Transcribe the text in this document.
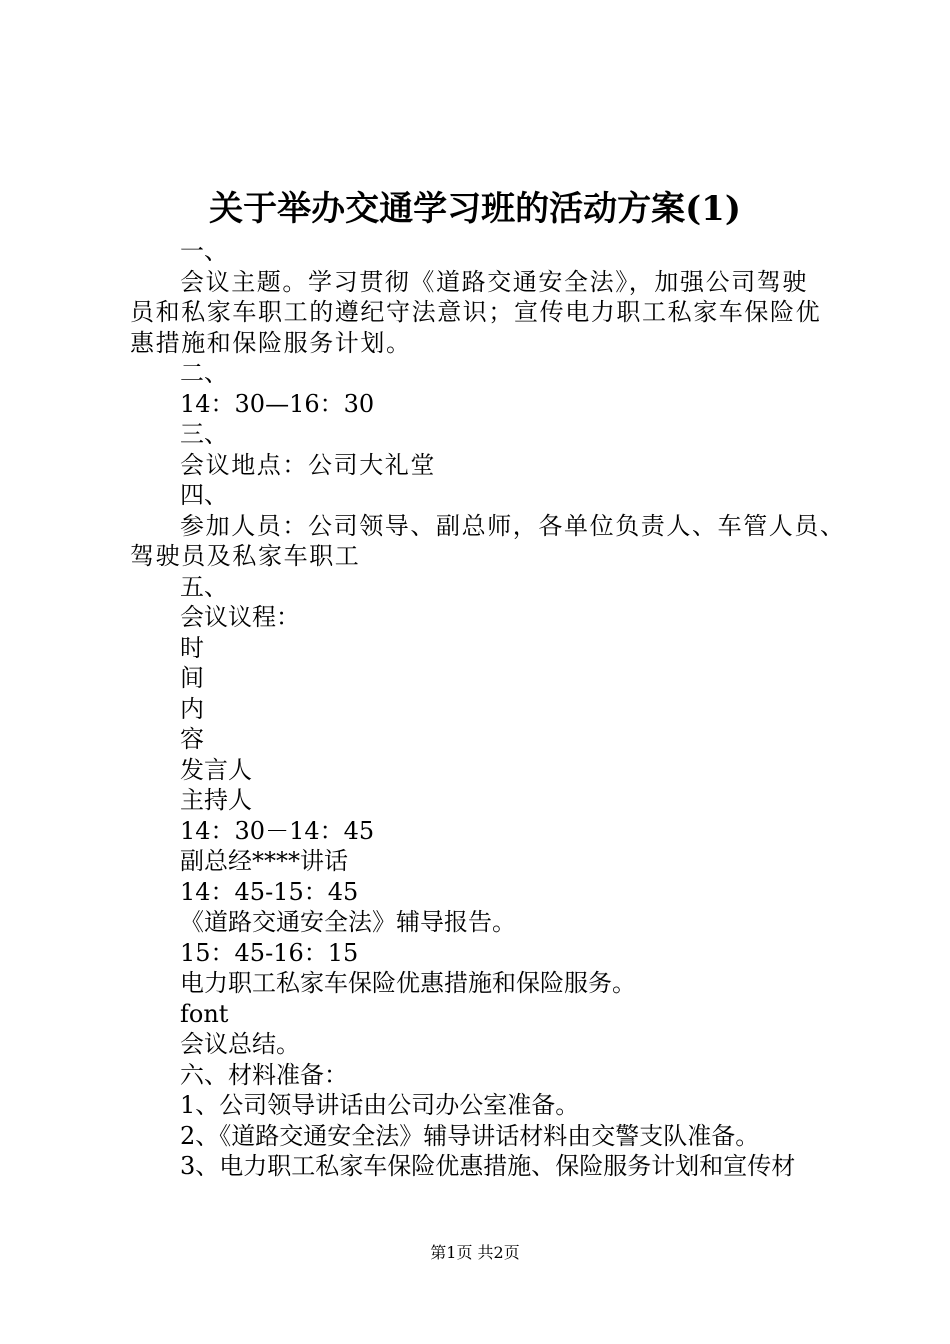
关于举办交通学习班的活动方案(1)
一、
会议主题。学习贯彻《道路交通安全法》，加强公司驾驶
员和私家车职工的遵纪守法意识；宣传电力职工私家车保险优
惠措施和保险服务计划。
二、
14：30—16：30
三、
会议地点：公司大礼堂
四、
参加人员：公司领导、副总师，各单位负责人、车管人员、
驾驶员及私家车职工
五、
会议议程：
时
间
内
容
发言人
主持人
14：30－14：45
副总经****讲话
14：45-15：45
《道路交通安全法》辅导报告。
15：45-16：15
电力职工私家车保险优惠措施和保险服务。
font
会议总结。
六、材料准备：
1、公司领导讲话由公司办公室准备。
2、《道路交通安全法》辅导讲话材料由交警支队准备。
3、电力职工私家车保险优惠措施、保险服务计划和宣传材
第1页 共2页
